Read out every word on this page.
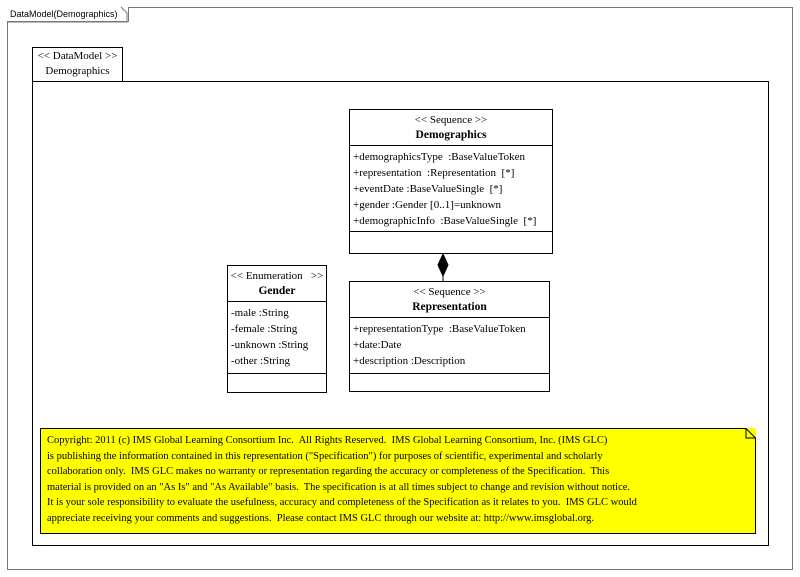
DataModel(Demographics)
<< DataModel >>
Demographics
<< Sequence >>
Demographics
+demographicsType  :BaseValueToken
+representation  :Representation  [*]
+eventDate :BaseValueSingle  [*]
+gender :Gender [0..1]=unknown
+demographicInfo  :BaseValueSingle  [*]
<< Enumeration   >>
Gender
-male :String
-female :String
-unknown :String
-other :String
<< Sequence >>
Representation
+representationType  :BaseValueToken
+date:Date
+description :Description
Copyright: 2011 (c) IMS Global Learning Consortium Inc.  All Rights Reserved.  IMS Global Learning Consortium, Inc. (IMS GLC)
is publishing the information contained in this representation ("Specification") for purposes of scientific, experimental and scholarly
collaboration only.  IMS GLC makes no warranty or representation regarding the accuracy or completeness of the Specification.  This
material is provided on an "As Is" and "As Available" basis.  The specification is at all times subject to change and revision without notice.
It is your sole responsibility to evaluate the usefulness, accuracy and completeness of the Specification as it relates to you.  IMS GLC would
appreciate receiving your comments and suggestions.  Please contact IMS GLC through our website at: http://www.imsglobal.org.
